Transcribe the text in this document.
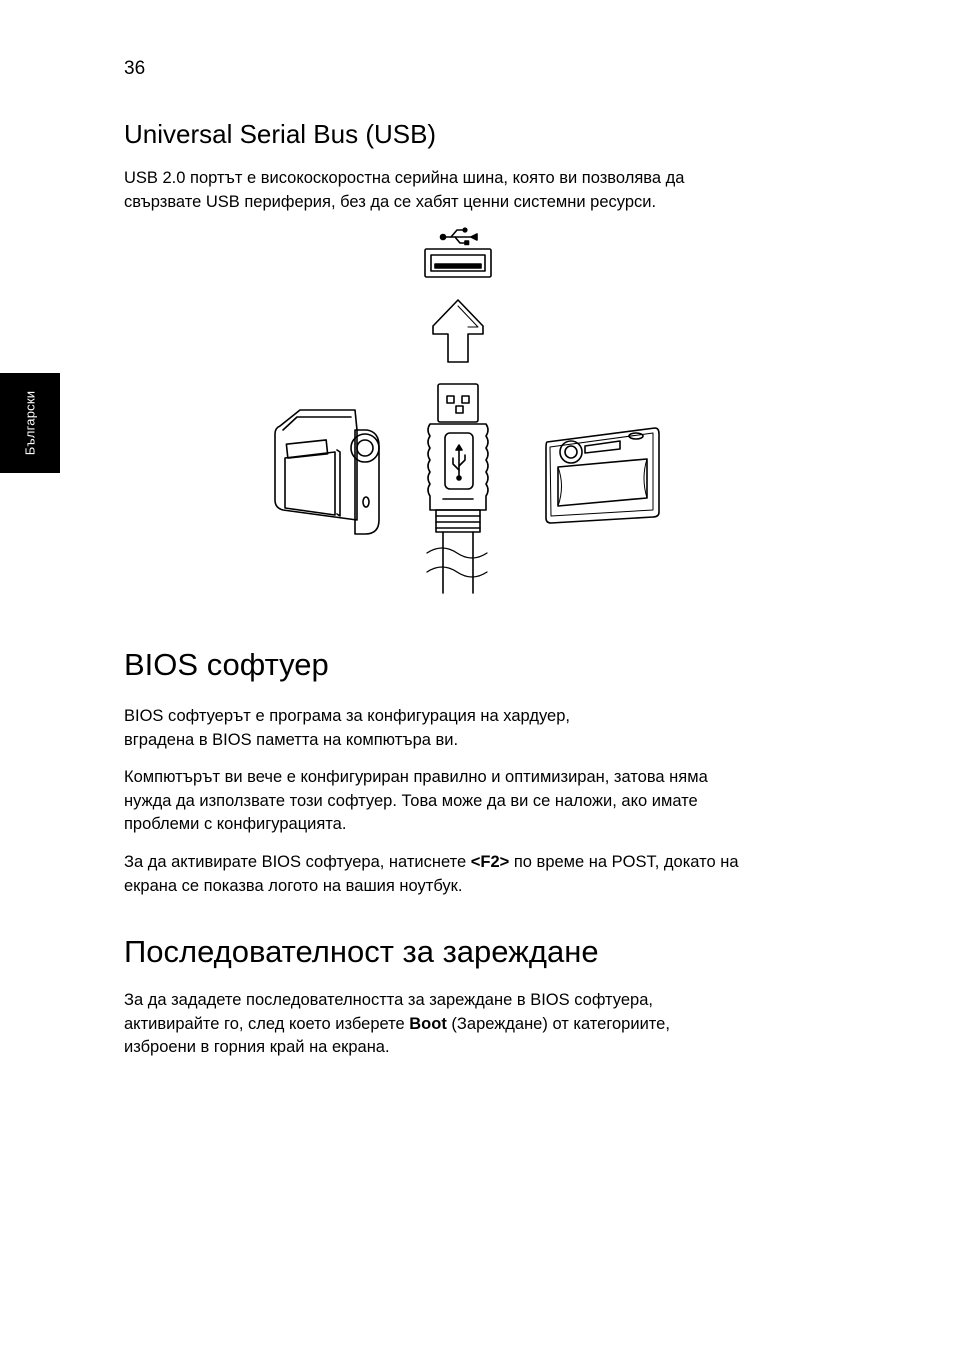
36
Български
Universal Serial Bus (USB)

USB 2.0 портът е високоскоростна серийна шина, която ви позволява да
свързвате USB периферия, без да се хабят ценни системни ресурси.

BIOS софтуер

BIOS софтуерът е програма за конфигурация на хардуер,
вградена в BIOS паметта на компютъра ви.

Компютърът ви вече е конфигуриран правилно и оптимизиран, затова няма
нужда да използвате този софтуер. Това може да ви се наложи, ако имате
проблеми с конфигурацията.

За да активирате BIOS софтуера, натиснете <F2> по време на POST, докато на
екрана се показва логото на вашия ноутбук.

Последователност за зареждане

За да зададете последователността за зареждане в BIOS софтуера,
активирайте го, след което изберете Boot (Зареждане) от категориите,
изброени в горния край на екрана.
